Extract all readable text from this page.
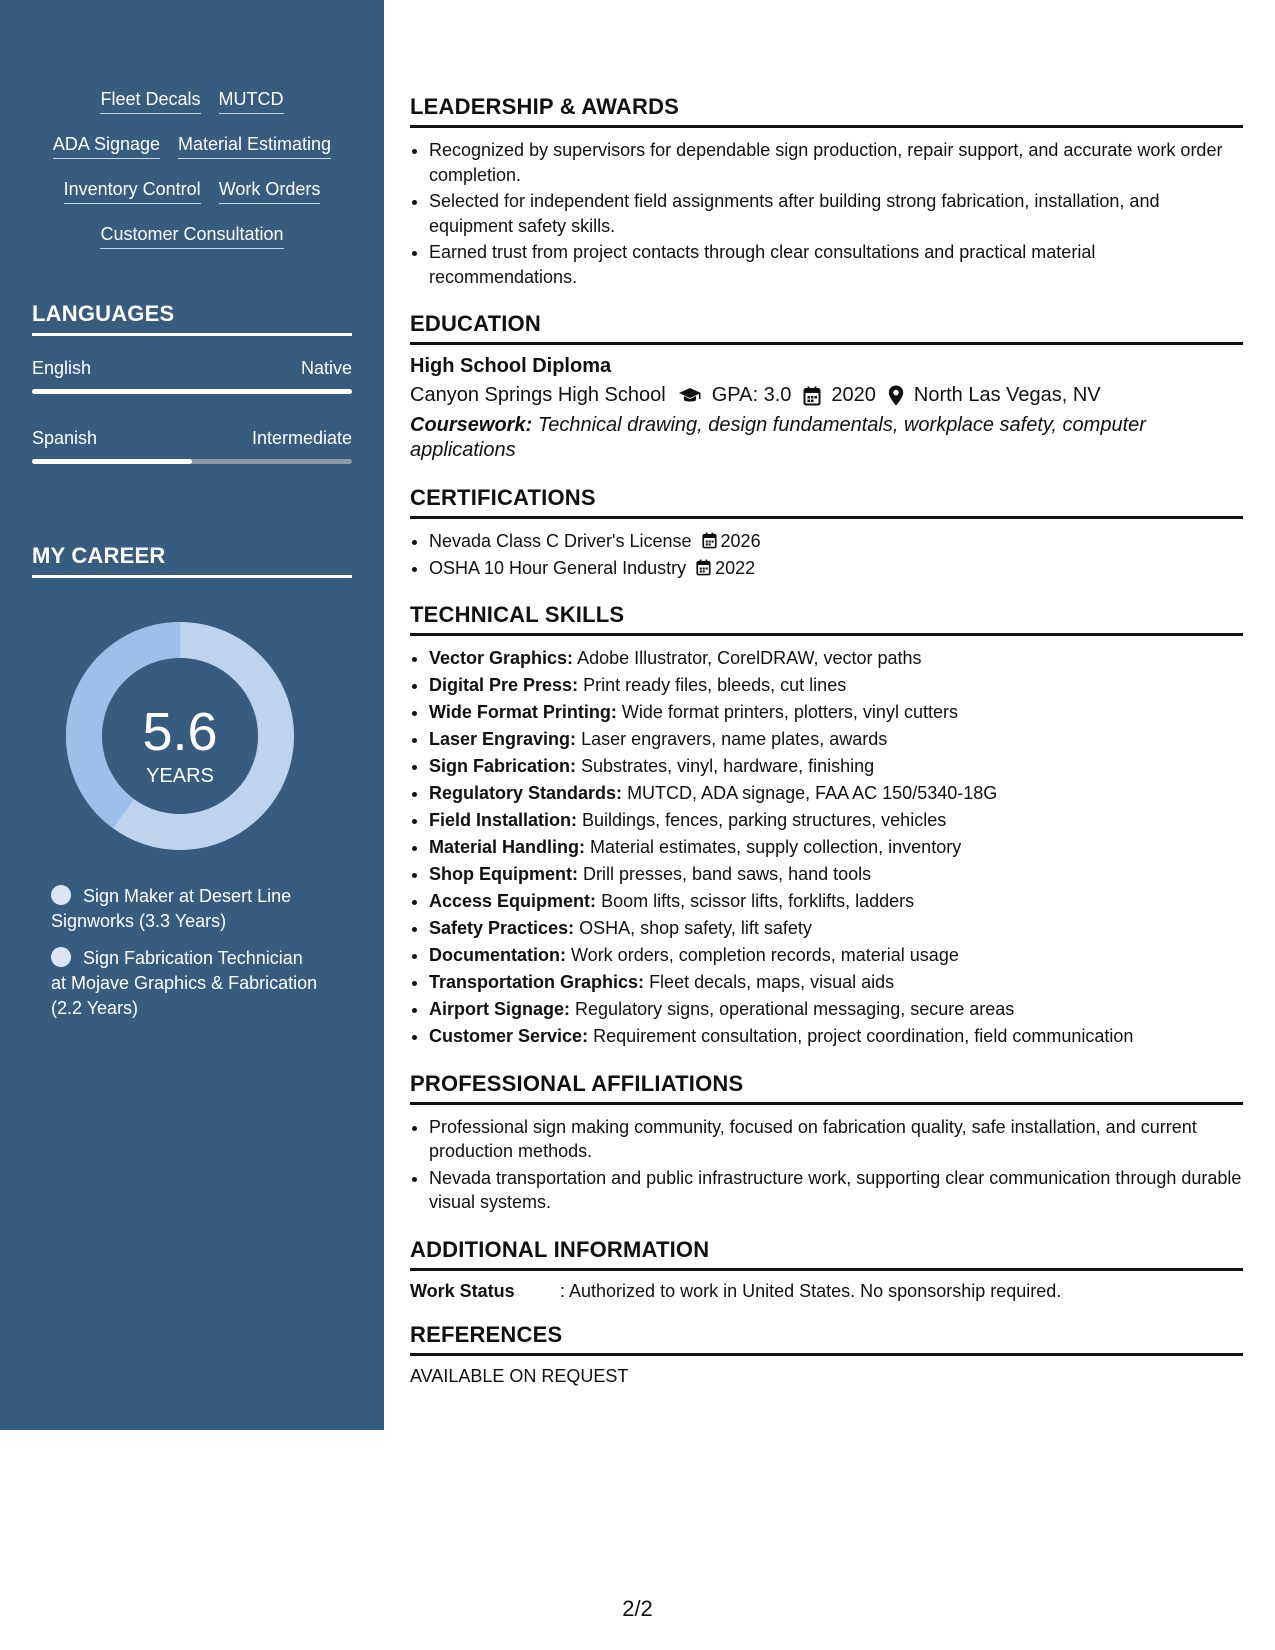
Fleet Decals MUTCD
ADA Signage Material Estimating
Inventory Control Work Orders
Customer Consultation
LANGUAGES
English	Native
Spanish	Intermediate
MY CAREER
5.6
YEARS
Sign Maker at Desert Line Signworks (3.3 Years)
Sign Fabrication Technician at Mojave Graphics & Fabrication (2.2 Years)
LEADERSHIP & AWARDS
• Recognized by supervisors for dependable sign production, repair support, and accurate work order completion.
• Selected for independent field assignments after building strong fabrication, installation, and equipment safety skills.
• Earned trust from project contacts through clear consultations and practical material recommendations.
EDUCATION
High School Diploma
Canyon Springs High School GPA: 3.0 2020 North Las Vegas, NV
Coursework: Technical drawing, design fundamentals, workplace safety, computer applications
CERTIFICATIONS
• Nevada Class C Driver's License 2026
• OSHA 10 Hour General Industry 2022
TECHNICAL SKILLS
• Vector Graphics: Adobe Illustrator, CorelDRAW, vector paths
• Digital Pre Press: Print ready files, bleeds, cut lines
• Wide Format Printing: Wide format printers, plotters, vinyl cutters
• Laser Engraving: Laser engravers, name plates, awards
• Sign Fabrication: Substrates, vinyl, hardware, finishing
• Regulatory Standards: MUTCD, ADA signage, FAA AC 150/5340-18G
• Field Installation: Buildings, fences, parking structures, vehicles
• Material Handling: Material estimates, supply collection, inventory
• Shop Equipment: Drill presses, band saws, hand tools
• Access Equipment: Boom lifts, scissor lifts, forklifts, ladders
• Safety Practices: OSHA, shop safety, lift safety
• Documentation: Work orders, completion records, material usage
• Transportation Graphics: Fleet decals, maps, visual aids
• Airport Signage: Regulatory signs, operational messaging, secure areas
• Customer Service: Requirement consultation, project coordination, field communication
PROFESSIONAL AFFILIATIONS
• Professional sign making community, focused on fabrication quality, safe installation, and current production methods.
• Nevada transportation and public infrastructure work, supporting clear communication through durable visual systems.
ADDITIONAL INFORMATION
Work Status	: Authorized to work in United States. No sponsorship required.
REFERENCES
AVAILABLE ON REQUEST
2/2
